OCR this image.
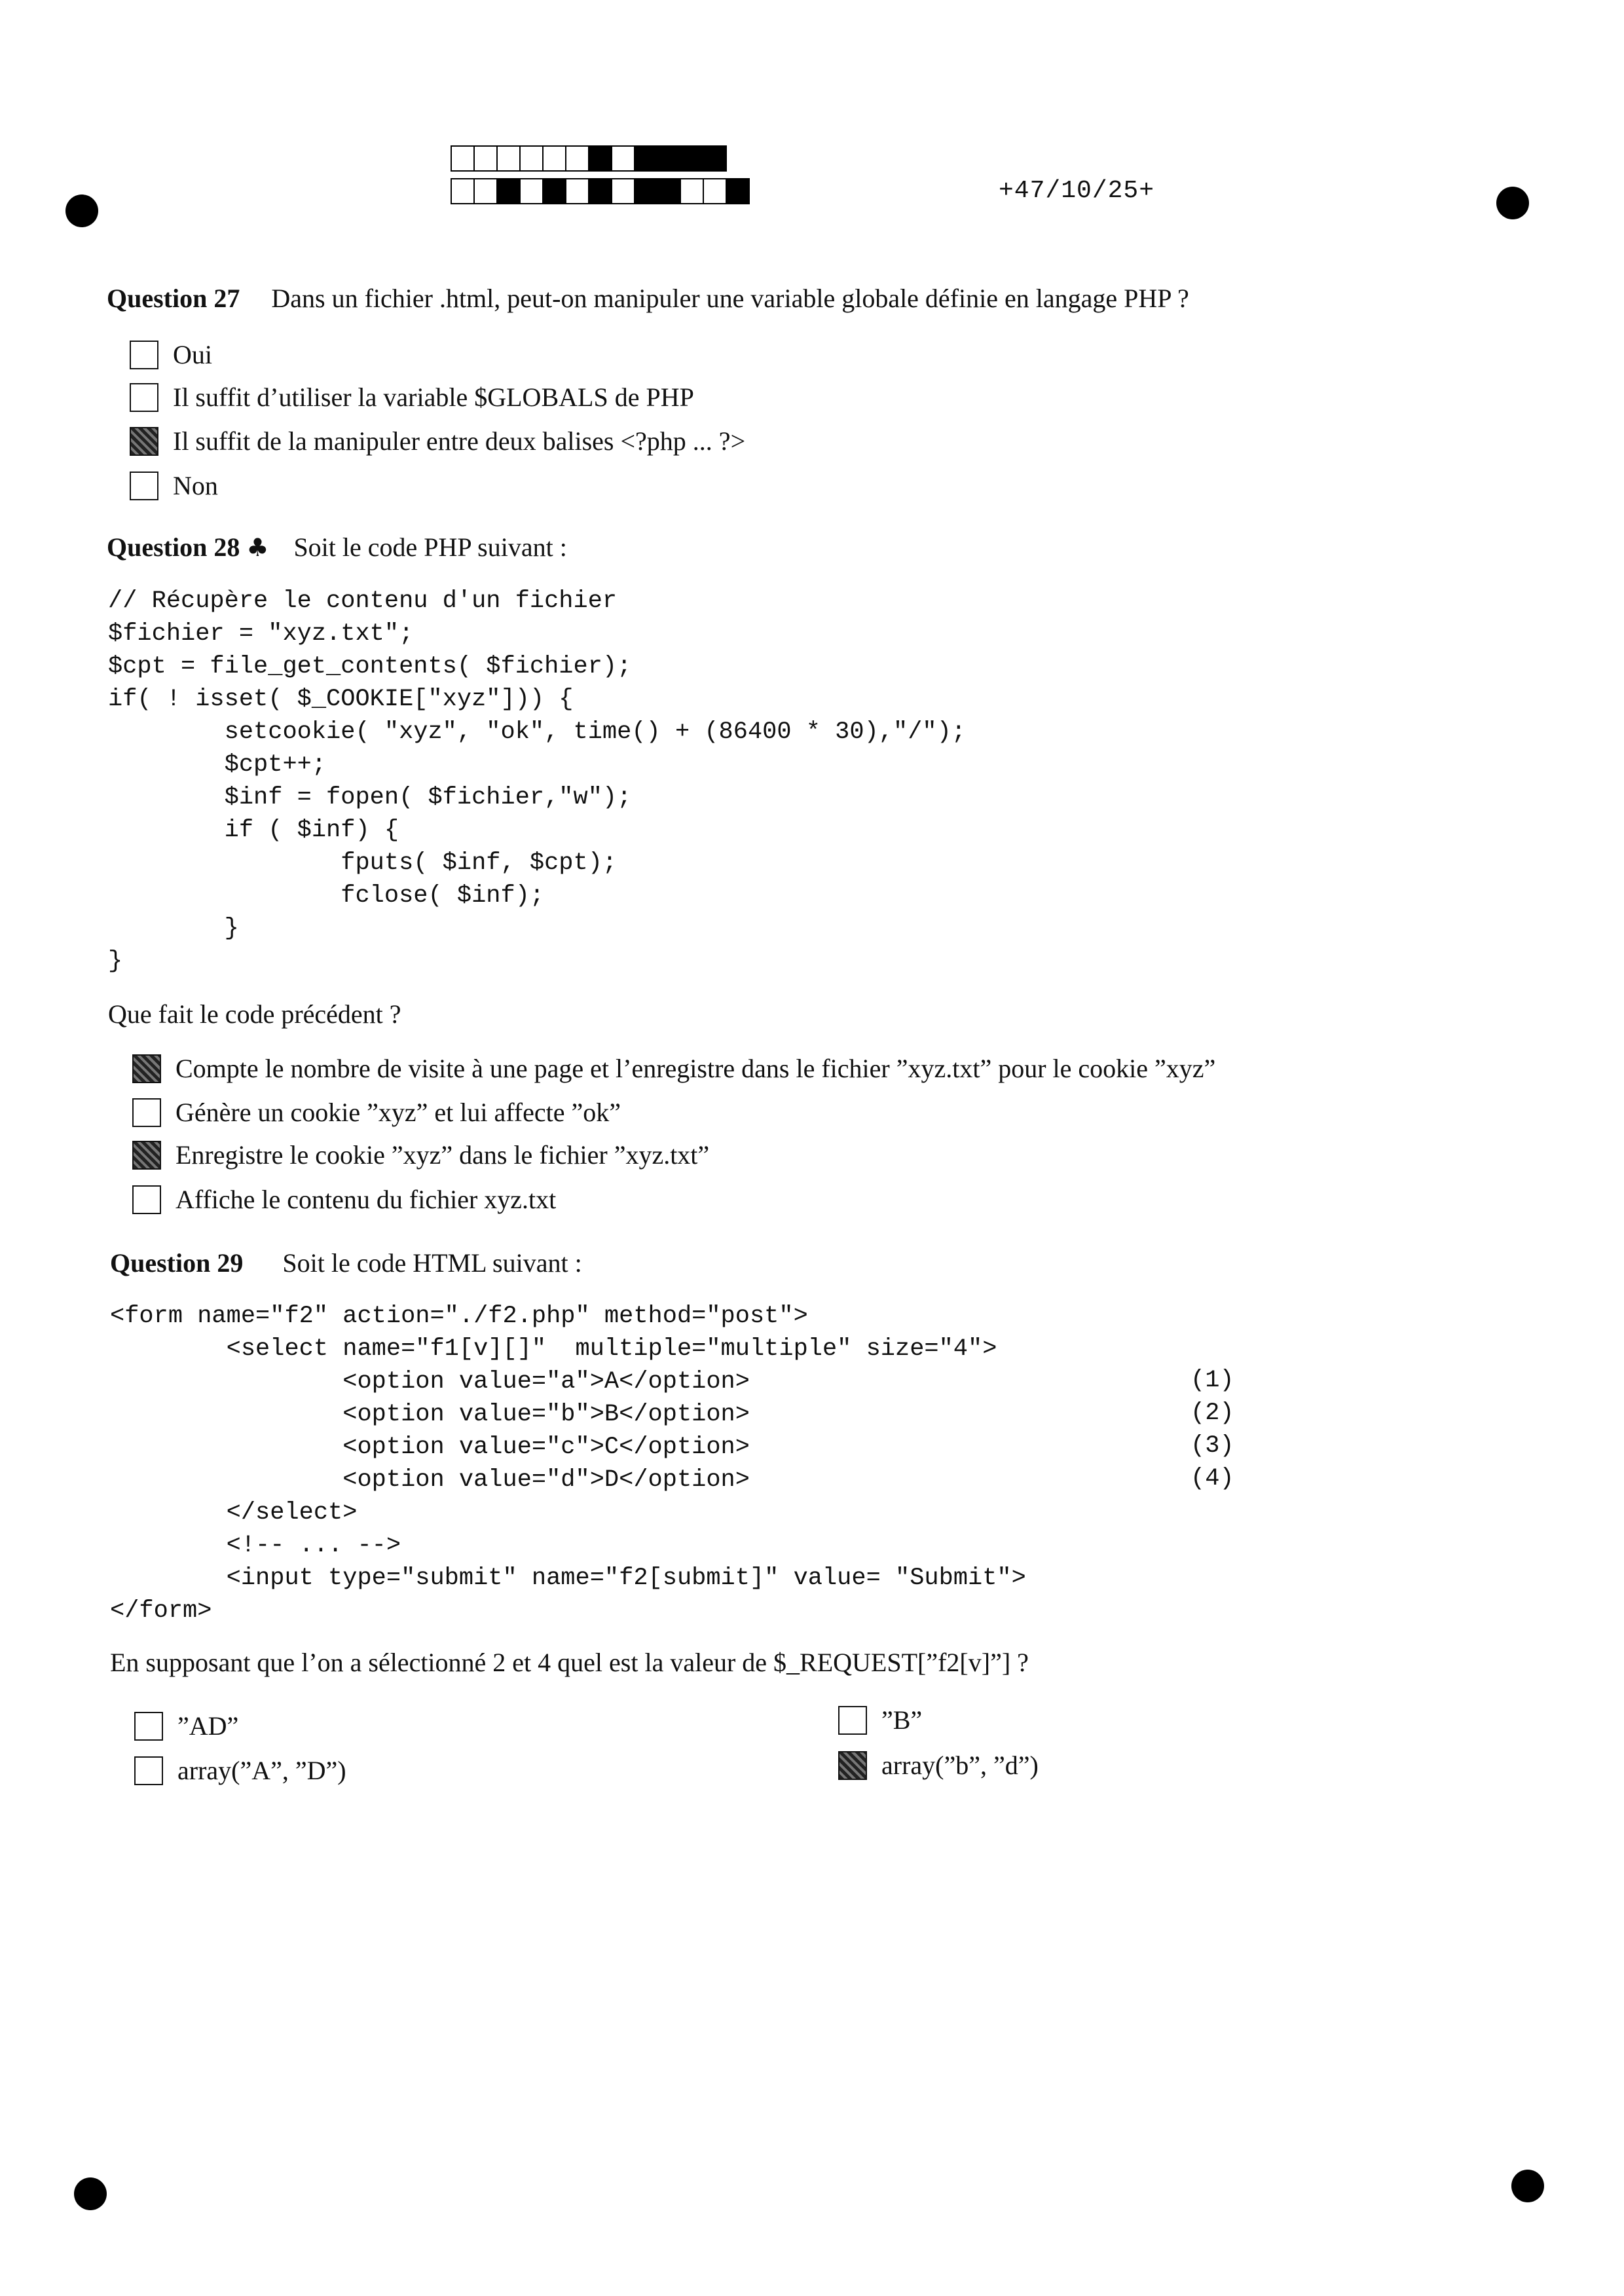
+47/10/25+
Question 27 Dans un fichier .html, peut-on manipuler une variable globale définie en langage PHP ?
Oui
Il suffit d’utiliser la variable $GLOBALS de PHP
Il suffit de la manipuler entre deux balises <?php ... ?>
Non
Question 28 ♣ Soit le code PHP suivant :
// Récupère le contenu d'un fichier
$fichier = "xyz.txt";
$cpt = file_get_contents( $fichier);
if( ! isset( $_COOKIE["xyz"])) {
setcookie( "xyz", "ok", time() + (86400 * 30),"/");
$cpt++;
$inf = fopen( $fichier,"w");
if ( $inf) {
fputs( $inf, $cpt);
fclose( $inf);
}
}
Que fait le code précédent ?
Compte le nombre de visite à une page et l’enregistre dans le fichier ”xyz.txt” pour le cookie ”xyz”
Génère un cookie ”xyz” et lui affecte ”ok”
Enregistre le cookie ”xyz” dans le fichier ”xyz.txt”
Affiche le contenu du fichier xyz.txt
Question 29 Soit le code HTML suivant :
<form name="f2" action="./f2.php" method="post">
<select name="f1[v][]"  multiple="multiple" size="4">
<option value="a">A</option>
<option value="b">B</option>
<option value="c">C</option>
<option value="d">D</option>
</select>
<!-- ... -->
<input type="submit" name="f2[submit]" value= "Submit">
</form>
(1)
(2)
(3)
(4)
En supposant que l’on a sélectionné 2 et 4 quel est la valeur de $_REQUEST[”f2[v]”] ?
”AD”	”B”
array(”A”, ”D”)	array(”b”, ”d”)
